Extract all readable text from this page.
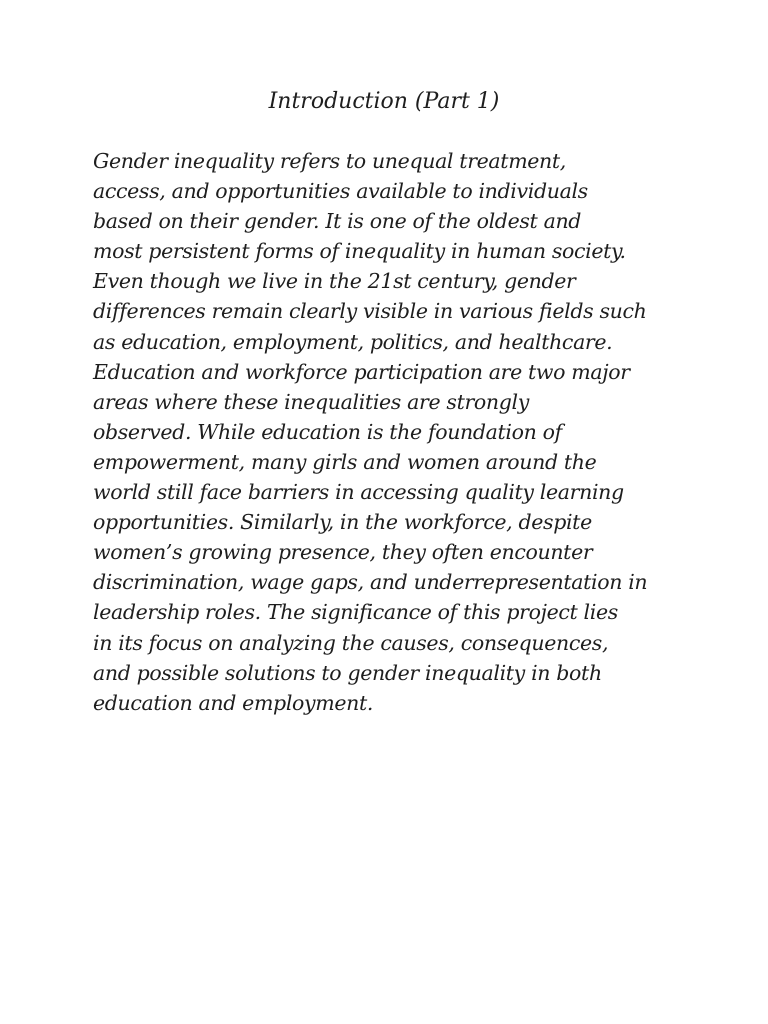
Introduction (Part 1)
Gender inequality refers to unequal treatment,
access, and opportunities available to individuals
based on their gender. It is one of the oldest and
most persistent forms of inequality in human society.
Even though we live in the 21st century, gender
differences remain clearly visible in various fields such
as education, employment, politics, and healthcare.
Education and workforce participation are two major
areas where these inequalities are strongly
observed. While education is the foundation of
empowerment, many girls and women around the
world still face barriers in accessing quality learning
opportunities. Similarly, in the workforce, despite
women’s growing presence, they often encounter
discrimination, wage gaps, and underrepresentation in
leadership roles. The significance of this project lies
in its focus on analyzing the causes, consequences,
and possible solutions to gender inequality in both
education and employment.
